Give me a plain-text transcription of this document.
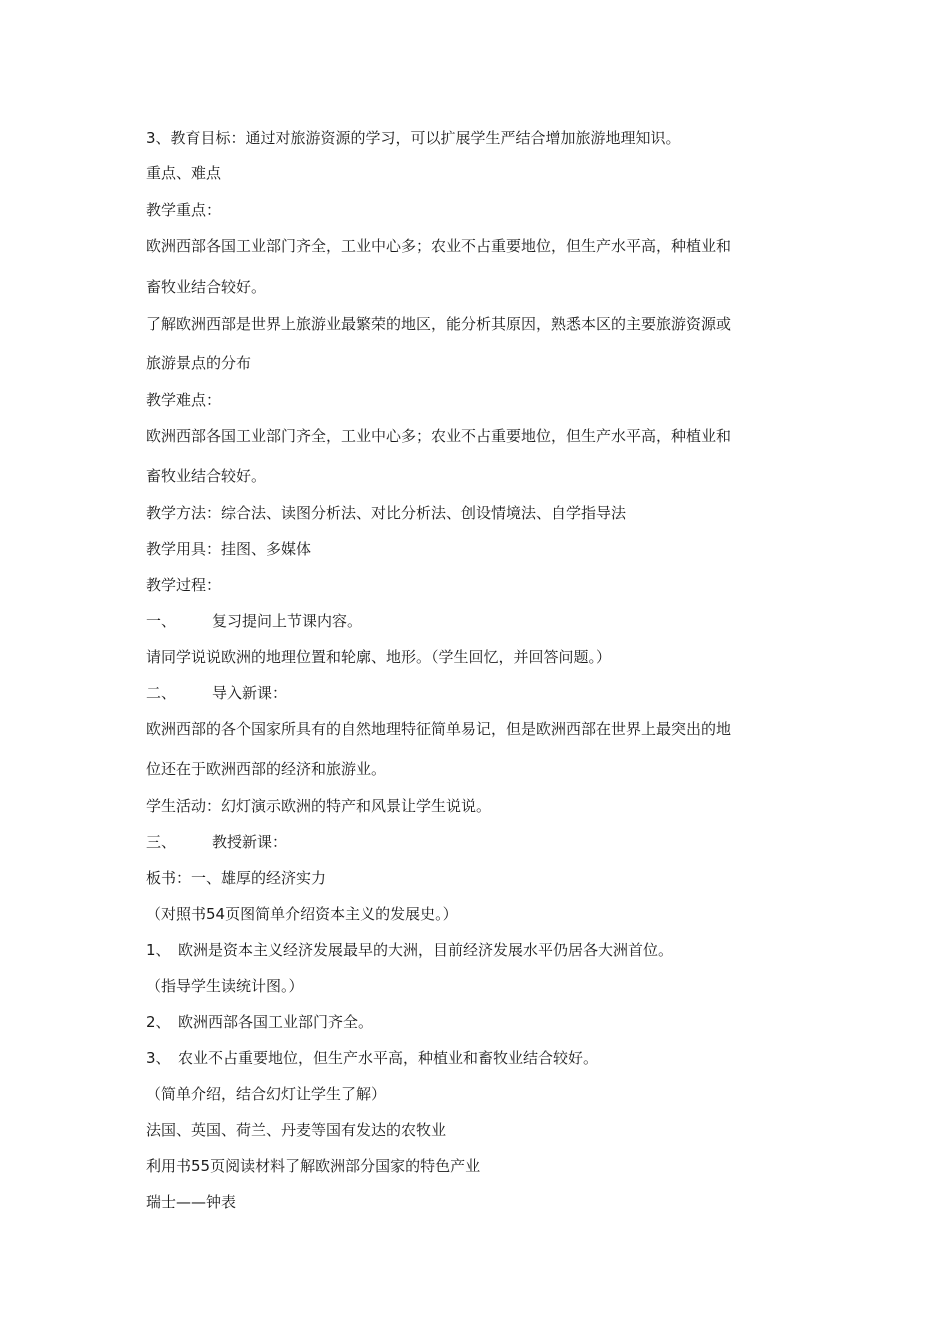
3、教育目标：通过对旅游资源的学习，可以扩展学生严结合增加旅游地理知识。
重点、难点
教学重点：
欧洲西部各国工业部门齐全，工业中心多；农业不占重要地位，但生产水平高，种植业和
畜牧业结合较好。
了解欧洲西部是世界上旅游业最繁荣的地区，能分析其原因，熟悉本区的主要旅游资源或
旅游景点的分布
教学难点：
欧洲西部各国工业部门齐全，工业中心多；农业不占重要地位，但生产水平高，种植业和
畜牧业结合较好。
教学方法：综合法、读图分析法、对比分析法、创设情境法、自学指导法
教学用具：挂图、多媒体
教学过程：
一、 复习提问上节课内容。
请同学说说欧洲的地理位置和轮廓、地形。（学生回忆，并回答问题。）
二、 导入新课：
欧洲西部的各个国家所具有的自然地理特征简单易记，但是欧洲西部在世界上最突出的地
位还在于欧洲西部的经济和旅游业。
学生活动：幻灯演示欧洲的特产和风景让学生说说。
三、 教授新课：
板书：一、雄厚的经济实力
（对照书54页图简单介绍资本主义的发展史。）
1、 欧洲是资本主义经济发展最早的大洲，目前经济发展水平仍居各大洲首位。
（指导学生读统计图。）
2、 欧洲西部各国工业部门齐全。
3、 农业不占重要地位，但生产水平高，种植业和畜牧业结合较好。
（简单介绍，结合幻灯让学生了解）
法国、英国、荷兰、丹麦等国有发达的农牧业
利用书55页阅读材料了解欧洲部分国家的特色产业
瑞士——钟表
